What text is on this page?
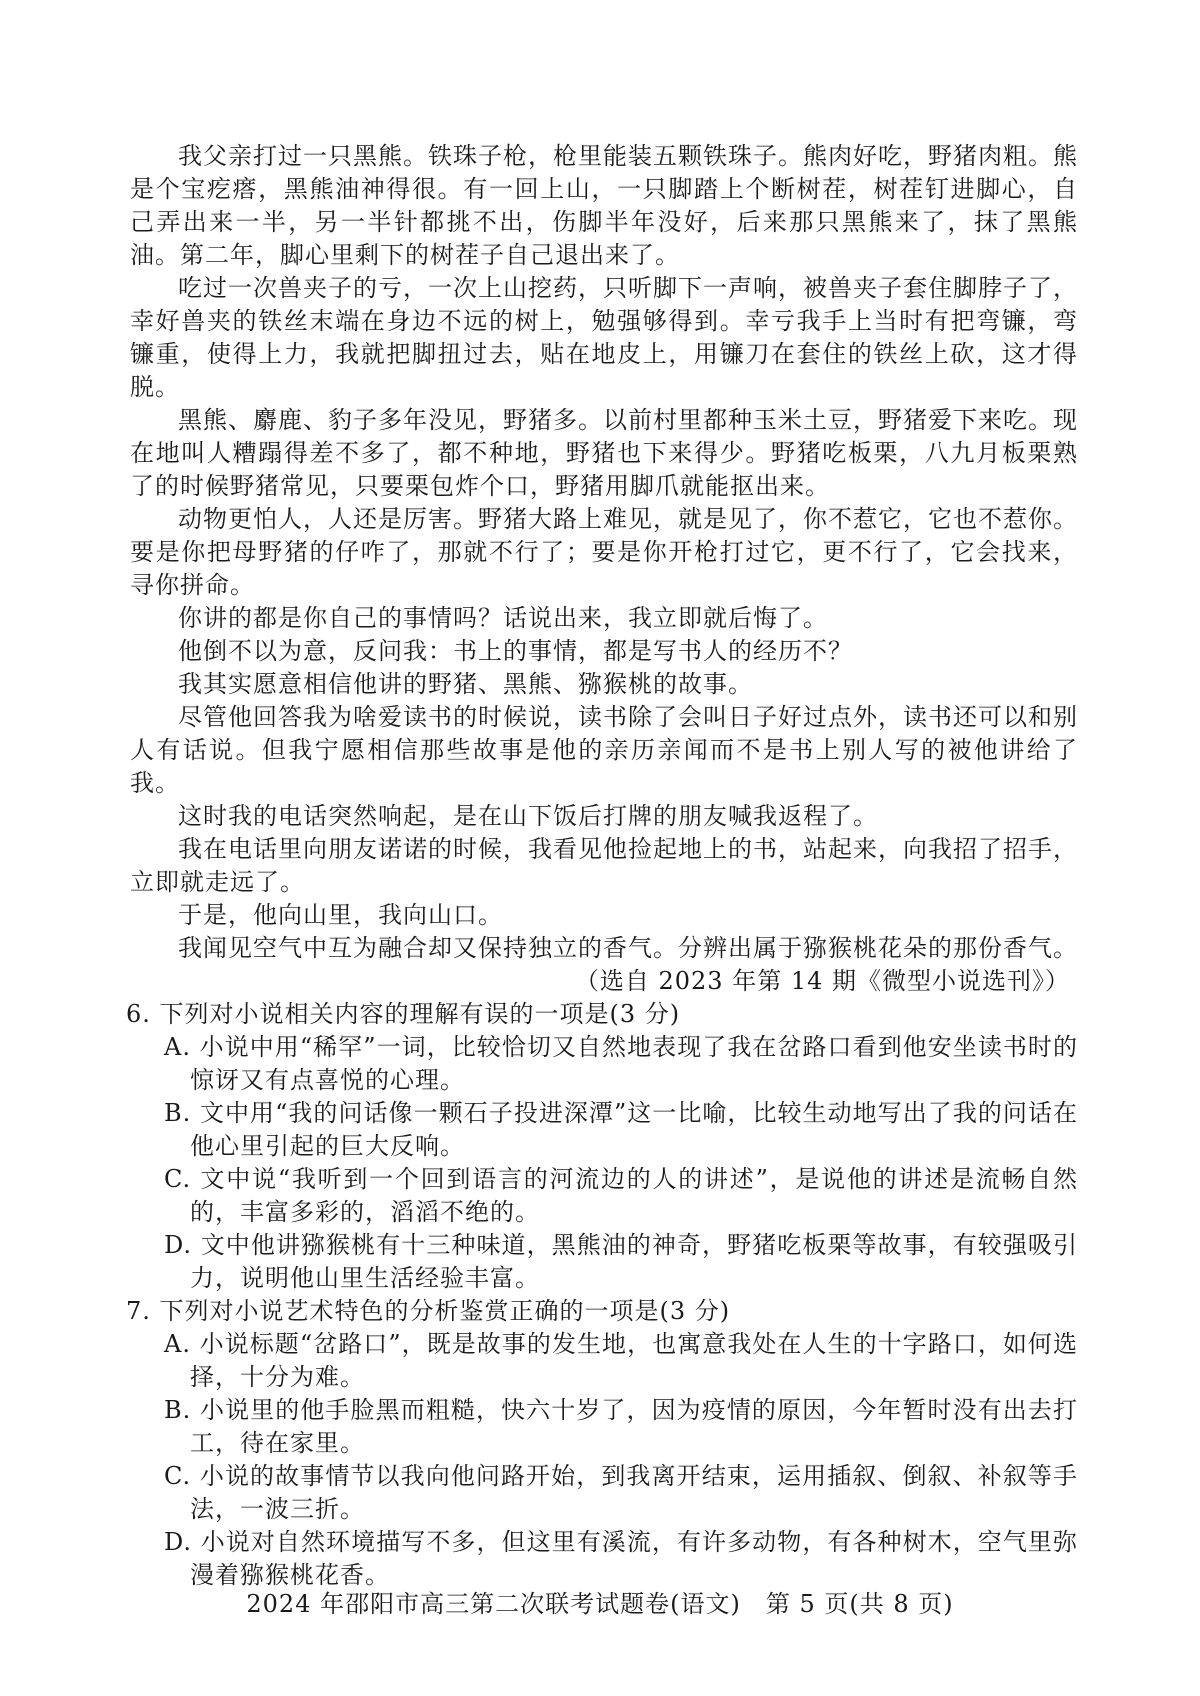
我父亲打过一只黑熊。铁珠子枪，枪里能装五颗铁珠子。熊肉好吃，野猪肉粗。熊是个宝疙瘩，黑熊油神得很。有一回上山，一只脚踏上个断树茬，树茬钉进脚心，自己弄出来一半，另一半针都挑不出，伤脚半年没好，后来那只黑熊来了，抹了黑熊油。第二年，脚心里剩下的树茬子自己退出来了。

吃过一次兽夹子的亏，一次上山挖药，只听脚下一声响，被兽夹子套住脚脖子了，幸好兽夹的铁丝末端在身边不远的树上，勉强够得到。幸亏我手上当时有把弯镰，弯镰重，使得上力，我就把脚扭过去，贴在地皮上，用镰刀在套住的铁丝上砍，这才得脱。

黑熊、麝鹿、豹子多年没见，野猪多。以前村里都种玉米土豆，野猪爱下来吃。现在地叫人糟蹋得差不多了，都不种地，野猪也下来得少。野猪吃板栗，八九月板栗熟了的时候野猪常见，只要栗包炸个口，野猪用脚爪就能抠出来。

动物更怕人，人还是厉害。野猪大路上难见，就是见了，你不惹它，它也不惹你。要是你把母野猪的仔咋了，那就不行了；要是你开枪打过它，更不行了，它会找来，寻你拼命。

你讲的都是你自己的事情吗？话说出来，我立即就后悔了。

他倒不以为意，反问我：书上的事情，都是写书人的经历不？

我其实愿意相信他讲的野猪、黑熊、猕猴桃的故事。

尽管他回答我为啥爱读书的时候说，读书除了会叫日子好过点外，读书还可以和别人有话说。但我宁愿相信那些故事是他的亲历亲闻而不是书上别人写的被他讲给了我。

这时我的电话突然响起，是在山下饭后打牌的朋友喊我返程了。

我在电话里向朋友诺诺的时候，我看见他捡起地上的书，站起来，向我招了招手，立即就走远了。

于是，他向山里，我向山口。

我闻见空气中互为融合却又保持独立的香气。分辨出属于猕猴桃花朵的那份香气。

（选自 2023 年第 14 期《微型小说选刊》）

6. 下列对小说相关内容的理解有误的一项是(3 分)

A. 小说中用“稀罕”一词，比较恰切又自然地表现了我在岔路口看到他安坐读书时的惊讶又有点喜悦的心理。

B. 文中用“我的问话像一颗石子投进深潭”这一比喻，比较生动地写出了我的问话在他心里引起的巨大反响。

C. 文中说“我听到一个回到语言的河流边的人的讲述”，是说他的讲述是流畅自然的，丰富多彩的，滔滔不绝的。

D. 文中他讲猕猴桃有十三种味道，黑熊油的神奇，野猪吃板栗等故事，有较强吸引力，说明他山里生活经验丰富。

7. 下列对小说艺术特色的分析鉴赏正确的一项是(3 分)

A. 小说标题“岔路口”，既是故事的发生地，也寓意我处在人生的十字路口，如何选择，十分为难。

B. 小说里的他手脸黑而粗糙，快六十岁了，因为疫情的原因，今年暂时没有出去打工，待在家里。

C. 小说的故事情节以我向他问路开始，到我离开结束，运用插叙、倒叙、补叙等手法，一波三折。

D. 小说对自然环境描写不多，但这里有溪流，有许多动物，有各种树木，空气里弥漫着猕猴桃花香。

2024 年邵阳市高三第二次联考试题卷(语文)　第 5 页(共 8 页)
